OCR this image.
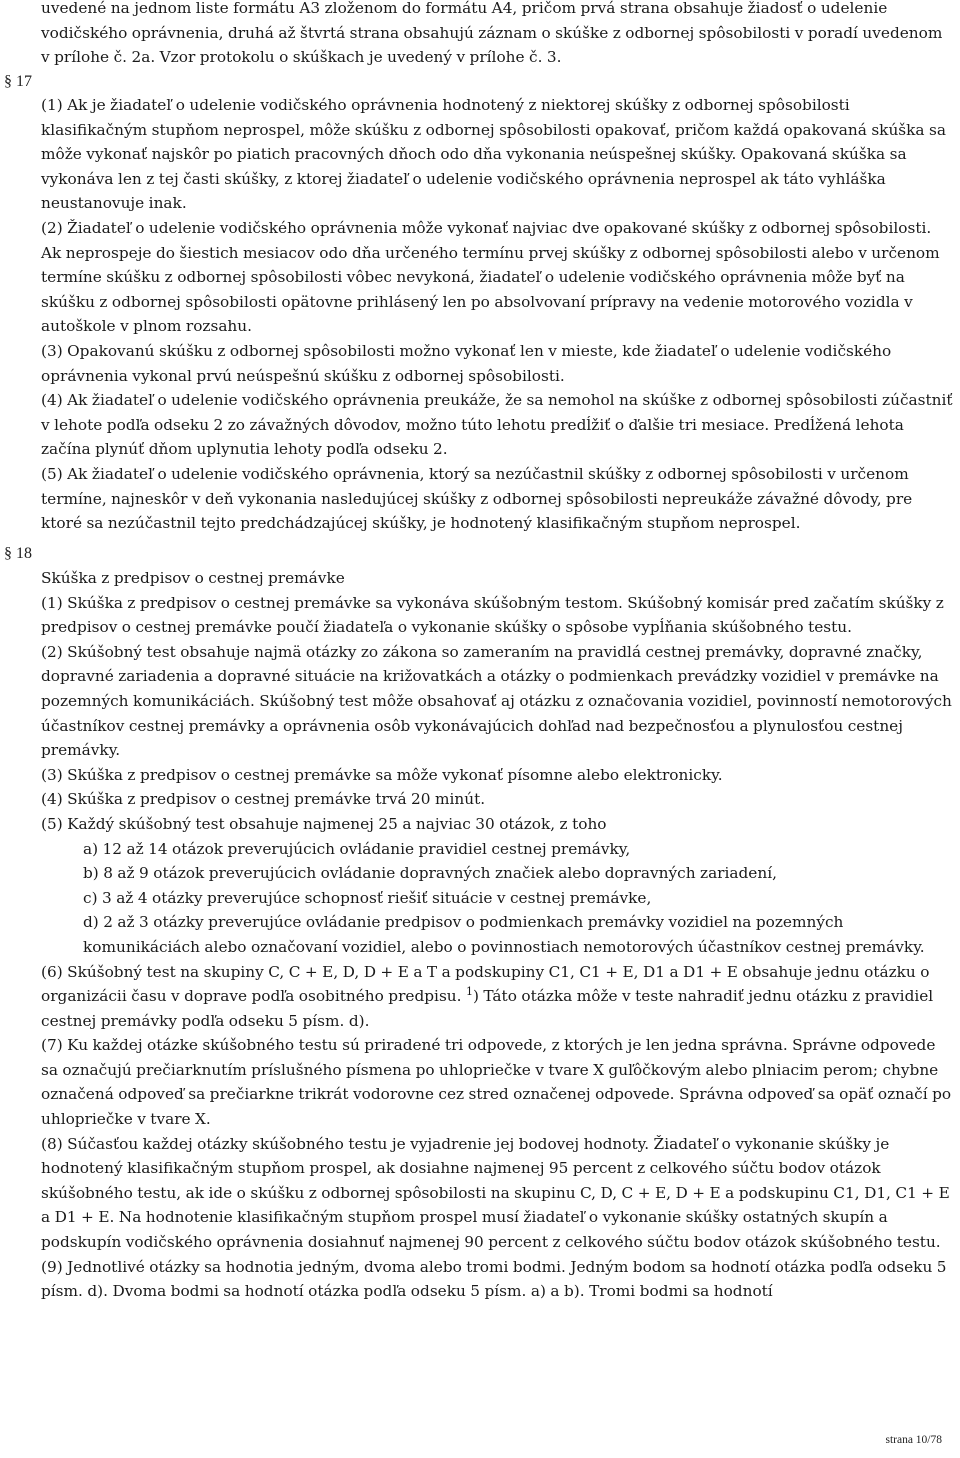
uvedené na jednom liste formátu A3 zloženom do formátu A4, pričom prvá strana obsahuje žiadosť o udelenie vodičského oprávnenia, druhá až štvrtá strana obsahujú záznam o skúške z odbornej spôsobilosti v poradí uvedenom v prílohe č. 2a. Vzor protokolu o skúškach je uvedený v prílohe č. 3.

§ 17

(1) Ak je žiadateľ o udelenie vodičského oprávnenia hodnotený z niektorej skúšky z odbornej spôsobilosti klasifikačným stupňom neprospel, môže skúšku z odbornej spôsobilosti opakovať, pričom každá opakovaná skúška sa môže vykonať najskôr po piatich pracovných dňoch odo dňa vykonania neúspešnej skúšky. Opakovaná skúška sa vykonáva len z tej časti skúšky, z ktorej žiadateľ o udelenie vodičského oprávnenia neprospel ak táto vyhláška neustanovuje inak.

(2) Žiadateľ o udelenie vodičského oprávnenia môže vykonať najviac dve opakované skúšky z odbornej spôsobilosti. Ak neprospeje do šiestich mesiacov odo dňa určeného termínu prvej skúšky z odbornej spôsobilosti alebo v určenom termíne skúšku z odbornej spôsobilosti vôbec nevykoná, žiadateľ o udelenie vodičského oprávnenia môže byť na skúšku z odbornej spôsobilosti opätovne prihlásený len po absolvovaní prípravy na vedenie motorového vozidla v autoškole v plnom rozsahu.

(3) Opakovanú skúšku z odbornej spôsobilosti možno vykonať len v mieste, kde žiadateľ o udelenie vodičského oprávnenia vykonal prvú neúspešnú skúšku z odbornej spôsobilosti.

(4) Ak žiadateľ o udelenie vodičského oprávnenia preukáže, že sa nemohol na skúške z odbornej spôsobilosti zúčastniť v lehote podľa odseku 2 zo závažných dôvodov, možno túto lehotu predĺžiť o ďalšie tri mesiace. Predĺžená lehota začína plynúť dňom uplynutia lehoty podľa odseku 2.

(5) Ak žiadateľ o udelenie vodičského oprávnenia, ktorý sa nezúčastnil skúšky z odbornej spôsobilosti v určenom termíne, najneskôr v deň vykonania nasledujúcej skúšky z odbornej spôsobilosti nepreukáže závažné dôvody, pre ktoré sa nezúčastnil tejto predchádzajúcej skúšky, je hodnotený klasifikačným stupňom neprospel.

§ 18

Skúška z predpisov o cestnej premávke

(1) Skúška z predpisov o cestnej premávke sa vykonáva skúšobným testom. Skúšobný komisár pred začatím skúšky z predpisov o cestnej premávke poučí žiadateľa o vykonanie skúšky o spôsobe vypĺňania skúšobného testu.

(2) Skúšobný test obsahuje najmä otázky zo zákona so zameraním na pravidlá cestnej premávky, dopravné značky, dopravné zariadenia a dopravné situácie na križovatkách a otázky o podmienkach prevádzky vozidiel v premávke na pozemných komunikáciách. Skúšobný test môže obsahovať aj otázku z označovania vozidiel, povinností nemotorových účastníkov cestnej premávky a oprávnenia osôb vykonávajúcich dohľad nad bezpečnosťou a plynulosťou cestnej premávky.

(3) Skúška z predpisov o cestnej premávke sa môže vykonať písomne alebo elektronicky.

(4) Skúška z predpisov o cestnej premávke trvá 20 minút.

(5) Každý skúšobný test obsahuje najmenej 25 a najviac 30 otázok, z toho

a) 12 až 14 otázok preverujúcich ovládanie pravidiel cestnej premávky,

b) 8 až 9 otázok preverujúcich ovládanie dopravných značiek alebo dopravných zariadení,

c) 3 až 4 otázky preverujúce schopnosť riešiť situácie v cestnej premávke,

d) 2 až 3 otázky preverujúce ovládanie predpisov o podmienkach premávky vozidiel na pozemných komunikáciách alebo označovaní vozidiel, alebo o povinnostiach nemotorových účastníkov cestnej premávky.

(6) Skúšobný test na skupiny C, C + E, D, D + E a T a podskupiny C1, C1 + E, D1 a D1 + E obsahuje jednu otázku o organizácii času v doprave podľa osobitného predpisu. $^1$) Táto otázka môže v teste nahradiť jednu otázku z pravidiel cestnej premávky podľa odseku 5 písm. d).

(7) Ku každej otázke skúšobného testu sú priradené tri odpovede, z ktorých je len jedna správna. Správne odpovede sa označujú prečiarknutím príslušného písmena po uhlopriečke v tvare X guľôčkovým alebo plniacim perom; chybne označená odpoveď sa prečiarkne trikrát vodorovne cez stred označenej odpovede. Správna odpoveď sa opäť označí po uhlopriečke v tvare X.

(8) Súčasťou každej otázky skúšobného testu je vyjadrenie jej bodovej hodnoty. Žiadateľ o vykonanie skúšky je hodnotený klasifikačným stupňom prospel, ak dosiahne najmenej 95 percent z celkového súčtu bodov otázok skúšobného testu, ak ide o skúšku z odbornej spôsobilosti na skupinu C, D, C + E, D + E a podskupinu C1, D1, C1 + E a D1 + E. Na hodnotenie klasifikačným stupňom prospel musí žiadateľ o vykonanie skúšky ostatných skupín a podskupín vodičského oprávnenia dosiahnuť najmenej 90 percent z celkového súčtu bodov otázok skúšobného testu.

(9) Jednotlivé otázky sa hodnotia jedným, dvoma alebo tromi bodmi. Jedným bodom sa hodnotí otázka podľa odseku 5 písm. d). Dvoma bodmi sa hodnotí otázka podľa odseku 5 písm. a) a b). Tromi bodmi sa hodnotí

strana 10/78
